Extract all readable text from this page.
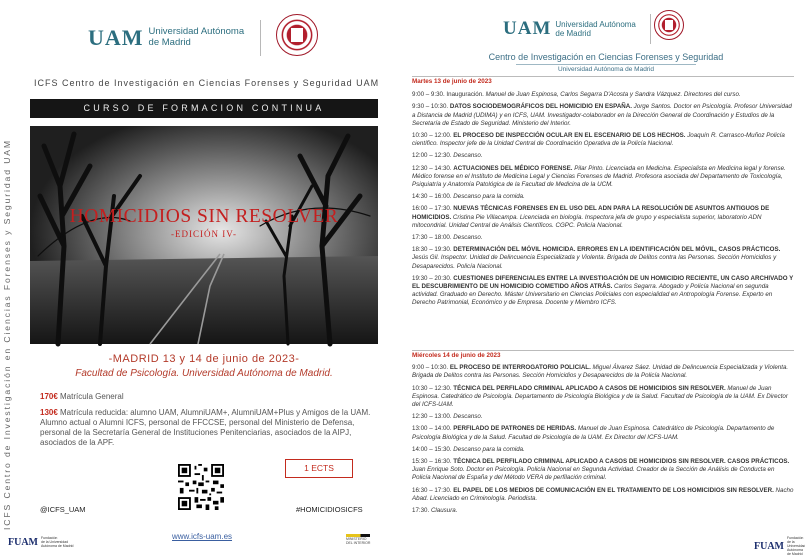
ICFS Centro de Investigación en Ciencias Forenses y Seguridad UAM
UAM Universidad Autónoma
de Madrid
ICFS Centro de Investigación en Ciencias Forenses y Seguridad UAM
CURSO DE FORMACION CONTINUA
HOMICIDIOS SIN RESOLVER
-EDICIÓN IV-
-MADRID 13 y 14 de junio de 2023-
Facultad de Psicología. Universidad Autónoma de Madrid.
170€ Matrícula General
130€ Matrícula reducida: alumno UAM, AlumniUAM+, AlumniUAM+Plus y Amigos de la UAM. Alumno actual o Alumni ICFS, personal de FFCCSE, personal del Ministerio de Defensa, personal de la Secretaría General de Instituciones Penitenciarias, asociados de la AIPJ, asociados de la APF.
1 ECTS
@ICFS_UAM	#HOMICIDIOSICFS
FUAM Fundación
de la Universidad
Autónoma de Madrid
www.icfs-uam.es	MINISTERIO
DEL INTERIOR
UAM Universidad Autónoma
de Madrid
Centro de Investigación en Ciencias Forenses y Seguridad
Universidad Autónoma de Madrid
Martes 13 de junio de 2023
9:00 – 9:30. Inauguración. Manuel de Juan Espinosa, Carlos Segarra D'Acosta y Sandra Vázquez. Directores del curso.
9:30 – 10:30. DATOS SOCIODEMOGRÁFICOS DEL HOMICIDIO EN ESPAÑA. Jorge Santos. Doctor en Psicología. Profesor Universidad a Distancia de Madrid (UDIMA) y en ICFS, UAM. Investigador-colaborador en la Dirección General de Coordinación y Estudios de la Secretaría de Estado de Seguridad. Ministerio del Interior.
10:30 – 12:00. EL PROCESO DE INSPECCIÓN OCULAR EN EL ESCENARIO DE LOS HECHOS. Joaquín R. Carrasco-Muñoz Policía científico. Inspector jefe de la Unidad Central de Coordinación Operativa de la Policía Nacional.
12:00 – 12:30. Descanso.
12:30 – 14:30. ACTUACIONES DEL MÉDICO FORENSE. Pilar Pinto. Licenciada en Medicina. Especialista en Medicina legal y forense. Médico forense en el Instituto de Medicina Legal y Ciencias Forenses de Madrid. Profesora asociada del Departamento de Toxicología, Psiquiatría y Anatomía Patológica de la Facultad de Medicina de la UCM.
14:30 – 16:00. Descanso para la comida.
16:00 – 17:30. NUEVAS TÉCNICAS FORENSES EN EL USO DEL ADN PARA LA RESOLUCIÓN DE ASUNTOS ANTIGUOS DE HOMICIDIOS. Cristina Pie Villacampa. Licenciada en biología. Inspectora jefa de grupo y especialista superior, laboratorio ADN mitocondrial. Unidad Central de Análisis Científicos. CGPC. Policía Nacional.
17:30 – 18:00. Descanso.
18:30 – 19:30. DETERMINACIÓN DEL MÓVIL HOMICIDA. ERRORES EN LA IDENTIFICACIÓN DEL MÓVIL, CASOS PRÁCTICOS. Jesús Gil. Inspector. Unidad de Delincuencia Especializada y Violenta. Brigada de Delitos contra las Personas. Sección Homicidios y Desaparecidos. Policía Nacional.
19:30 – 20:30. CUESTIONES DIFERENCIALES ENTRE LA INVESTIGACIÓN DE UN HOMICIDIO RECIENTE, UN CASO ARCHIVADO Y EL DESCUBRIMIENTO DE UN HOMICIDIO COMETIDO AÑOS ATRÁS. Carlos Segarra. Abogado y Policía Nacional en segunda actividad. Graduado en Derecho. Máster Universitario en Ciencias Policiales con especialidad en Antropología Forense. Experto en Derecho Patrimonial, Económico y de Empresa. Docente y Miembro ICFS.
Miércoles 14 de junio de 2023
9:00 – 10:30. EL PROCESO DE INTERROGATORIO POLICIAL. Miguel Álvarez Sáez. Unidad de Delincuencia Especializada y Violenta. Brigada de Delitos contra las Personas. Sección Homicidios y Desaparecidos de la Policía Nacional.
10:30 – 12:30. TÉCNICA DEL PERFILADO CRIMINAL APLICADO A CASOS DE HOMICIDIOS SIN RESOLVER. Manuel de Juan Espinosa. Catedrático de Psicología. Departamento de Psicología Biológica y de la Salud. Facultad de Psicología de la UAM. Ex Director del ICFS-UAM.
12:30 – 13:00. Descanso.
13:00 – 14:00. PERFILADO DE PATRONES DE HERIDAS. Manuel de Juan Espinosa. Catedrático de Psicología. Departamento de Psicología Biológica y de la Salud. Facultad de Psicología de la UAM. Ex Director del ICFS-UAM.
14:00 – 15:30. Descanso para la comida.
15:30 – 16:30. TÉCNICA DEL PERFILADO CRIMINAL APLICADO A CASOS DE HOMICIDIOS SIN RESOLVER. CASOS PRÁCTICOS. Juan Enrique Soto. Doctor en Psicología. Policía Nacional en Segunda Actividad. Creador de la Sección de Análisis de Conducta en Policía Nacional de España y del Método VERA de perfilación criminal.
16:30 – 17:30. EL PAPEL DE LOS MEDIOS DE COMUNICACIÓN EN EL TRATAMIENTO DE LOS HOMICIDIOS SIN RESOLVER. Nacho Abad. Licenciado en Criminología. Periodista.
17:30. Clausura.
FUAM
Fundación
de la Universidad
Autónoma de Madrid
